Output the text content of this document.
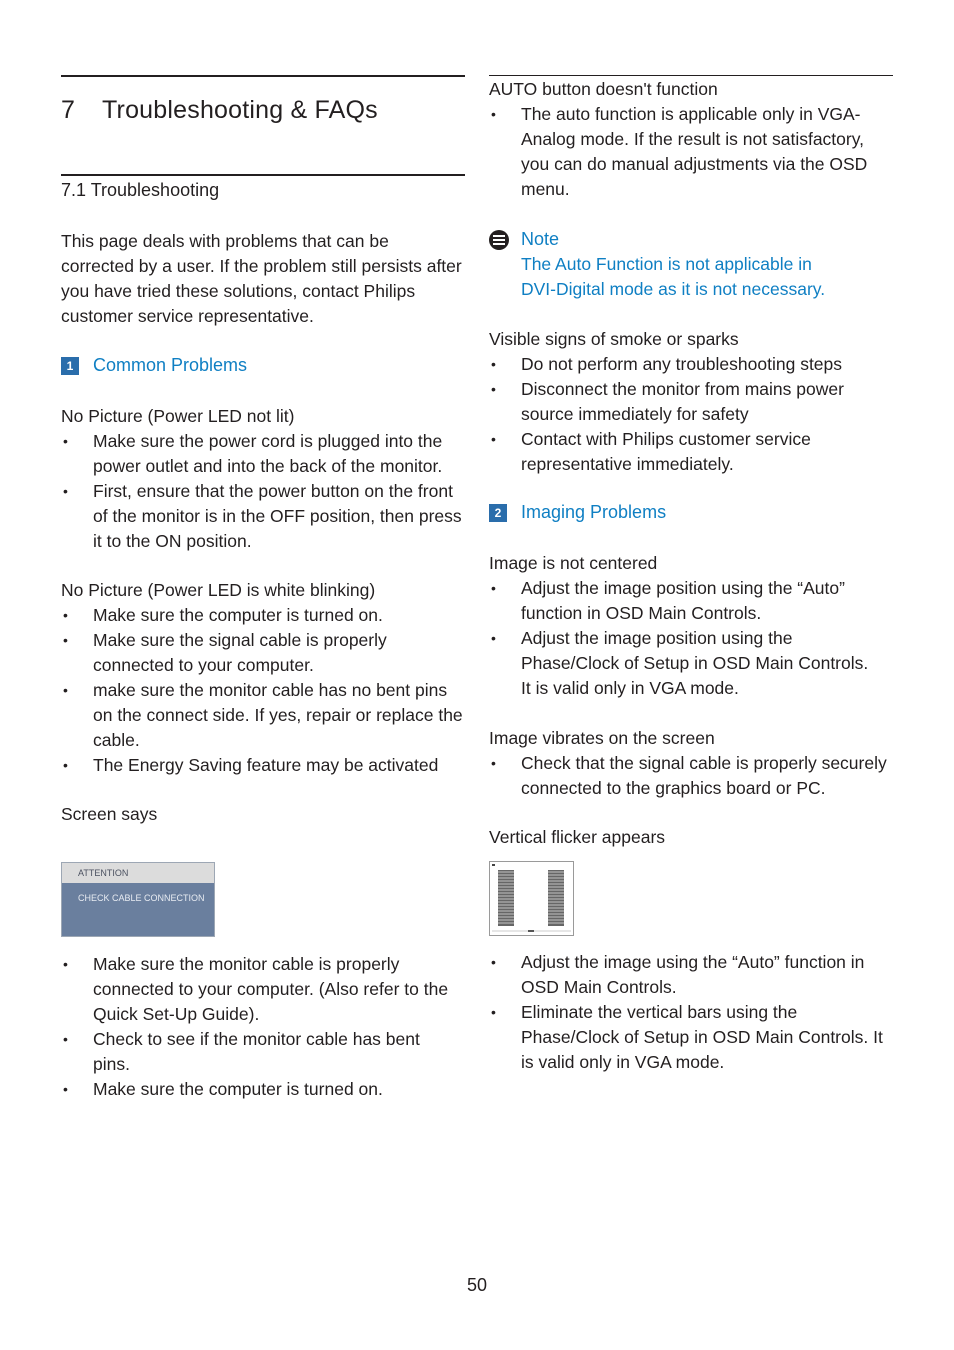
7 Troubleshooting & FAQs
7.1 Troubleshooting
This page deals with problems that can be corrected by a user. If the problem still persists after you have tried these solutions, contact Philips customer service representative.
1	Common Problems
No Picture (Power LED not lit)
• Make sure the power cord is plugged into the power outlet and into the back of the monitor.
• First, ensure that the power button on the front of the monitor is in the OFF position, then press it to the ON position.
No Picture (Power LED is white blinking)
• Make sure the computer is turned on.
• Make sure the signal cable is properly connected to your computer.
• make sure the monitor cable has no bent pins on the connect side. If yes, repair or replace the cable.
• The Energy Saving feature may be activated
Screen says
ATTENTION
CHECK CABLE CONNECTION
• Make sure the monitor cable is properly connected to your computer. (Also refer to the Quick Set-Up Guide).
• Check to see if the monitor cable has bent pins.
• Make sure the computer is turned on.
AUTO button doesn't function
• The auto function is applicable only in VGA-Analog mode. If the result is not satisfactory, you can do manual adjustments via the OSD menu.
Note
The Auto Function is not applicable in DVI-Digital mode as it is not necessary.
Visible signs of smoke or sparks
• Do not perform any troubleshooting steps
• Disconnect the monitor from mains power source immediately for safety
• Contact with Philips customer service representative immediately.
2	Imaging Problems
Image is not centered
• Adjust the image position using the “Auto” function in OSD Main Controls.
• Adjust the image position using the Phase/Clock of Setup in OSD Main Controls. It is valid only in VGA mode.
Image vibrates on the screen
• Check that the signal cable is properly securely connected to the graphics board or PC.
Vertical flicker appears
• Adjust the image using the “Auto” function in OSD Main Controls.
• Eliminate the vertical bars using the Phase/Clock of Setup in OSD Main Controls. It is valid only in VGA mode.
50
